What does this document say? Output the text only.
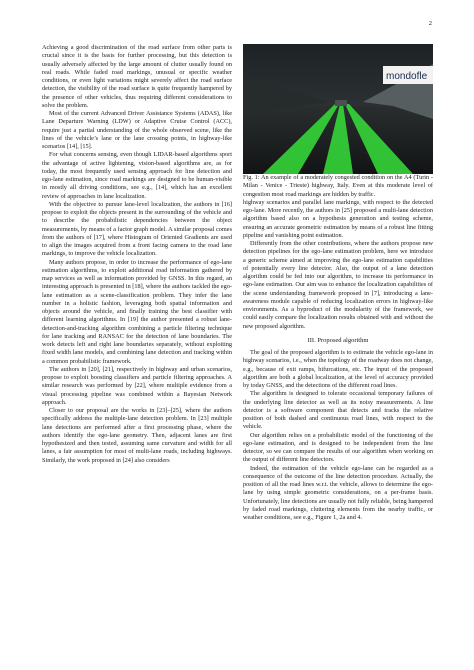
2

Achieving a good discrimination of the road surface from other parts is crucial since it is the basis for further processing, but this detection is usually adversely affected by the large amount of clutter usually found on real roads. While faded road markings, unusual or specific weather conditions, or even light variations might severely affect the road surface detection, the visibility of the road surface is quite frequently hampered by the presence of other vehicles, thus requiring different considerations to solve the problem.

Most of the current Advanced Driver Assistance Systems (ADAS), like Lane Departure Warning (LDW) or Adaptive Cruise Control (ACC), require just a partial understanding of the whole observed scene, like the lines of the vehicle’s lane or the lane crossing points, in highway-like scenarios [14], [15].

For what concerns sensing, even though LIDAR-based algorithms sport the advantage of active lightening, vision-based algorithms are, as for today, the most frequently used sensing approach for line detection and ego-lane estimation, since road markings are designed to be human-visible in mostly all driving conditions, see e.g., [14], which has an excellent review of approaches in lane localization.

With the objective to pursue lane-level localization, the authors in [16] propose to exploit the objects present in the surrounding of the vehicle and to describe the probabilistic dependencies between the object measurements, by means of a factor graph model. A similar proposal comes from the authors of [17], where Histogram of Oriented Gradients are used to align the images acquired from a front facing camera to the road lane markings, to improve the vehicle localization.

Many authors propose, in order to increase the performance of ego-lane estimation algorithms, to exploit additional road information gathered by map services as well as information provided by GNSS. In this regard, an interesting approach is presented in [18], where the authors tackled the ego-lane estimation as a scene-classification problem. They infer the lane number in a holistic fashion, leveraging both spatial information and objects around the vehicle, and finally training the best classifier with different learning algorithms. In [19] the author presented a robust lane-detection-and-tracking algorithm combining a particle filtering technique for lane tracking and RANSAC for the detection of lane boundaries. The work detects left and right lane boundaries separately, without exploiting fixed width lane models, and combining lane detection and tracking within a common probabilistic framework.

The authors in [20], [21], respectively in highway and urban scenarios, propose to exploit boosting classifiers and particle filtering approaches. A similar research was performed by [22], where multiple evidence from a visual processing pipeline was combined within a Bayesian Network approach.

Closer to our proposal are the works in [23]–[25], where the authors specifically address the multiple-lane detection problem. In [23] multiple lane detections are performed after a first processing phase, where the authors identify the ego-lane geometry. Then, adjacent lanes are first hypothesized and then tested, assuming same curvature and width for all lanes, a fair assumption for most of multi-lane roads, including highways. Similarly, the work proposed in [24] also considers

mondofle

Fig. 1: An example of a moderately congested condition on the A4 (Turin - Milan - Venice - Trieste) highway, Italy. Even at this moderate level of congestion most road markings are hidden by traffic.

highway scenarios and parallel lane markings, with respect to the detected ego-lane. More recently, the authors in [25] proposed a multi-lane detection algorithm based also on a hypothesis generation and testing scheme, ensuring an accurate geometric estimation by means of a robust line fitting pipeline and vanishing point estimation.

Differently from the other contributions, where the authors propose new detection pipelines for the ego-lane estimation problem, here we introduce a generic scheme aimed at improving the ego-lane estimation capabilities of potentially every line detector. Also, the output of a lane detection algorithm could be fed into our algorithm, to increase its performance in ego-lane estimation. Our aim was to enhance the localization capabilities of the scene understanding framework proposed in [7], introducing a lane-awareness module capable of reducing localization errors in highway-like environments. As a byproduct of the modularity of the framework, we could easily compare the localization results obtained with and without the new proposed algorithm.

III. Proposed algorithm

The goal of the proposed algorithm is to estimate the vehicle ego-lane in highway scenarios, i.e., when the topology of the roadway does not change, e.g., because of exit ramps, bifurcations, etc. The input of the proposed algorithm are both a global localization, at the level of accuracy provided by today GNSS, and the detections of the different road lines.

The algorithm is designed to tolerate occasional temporary failures of the underlying line detector as well as its noisy measurements. A line detector is a software component that detects and tracks the relative position of both dashed and continuous road lines, with respect to the vehicle.

Our algorithm relies on a probabilistic model of the functioning of the ego-lane estimation, and is designed to be independent from the line detector, so we can compare the results of our algorithm when working on the output of different line detectors.

Indeed, the estimation of the vehicle ego-lane can be regarded as a consequence of the outcome of the line detection procedure. Actually, the position of all the road lines w.r.t. the vehicle, allows to determine the ego-lane by using simple geometric considerations, on a per-frame basis. Unfortunately, line detections are usually not fully reliable, being hampered by faded road markings, cluttering elements from the nearby traffic, or weather conditions, see e.g., Figure 1, 2a and 4.
